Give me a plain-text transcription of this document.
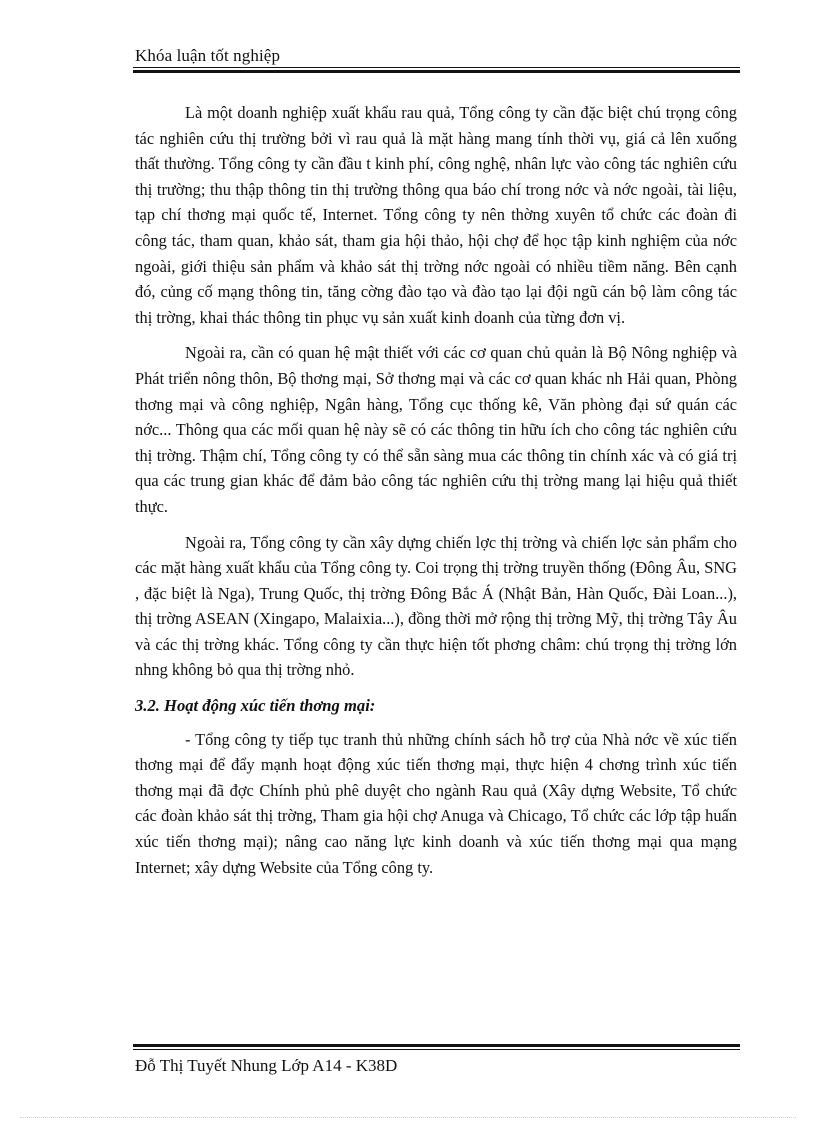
Khóa luận tốt nghiệp

Là một doanh nghiệp xuất khẩu rau quả, Tổng công ty cần đặc biệt chú trọng công tác nghiên cứu thị trường bởi vì rau quả là mặt hàng mang tính thời vụ, giá cả lên xuống thất thường. Tổng công ty cần đầu t kinh phí, công nghệ, nhân lực vào công tác nghiên cứu thị trường; thu thập thông tin thị trường thông qua báo chí trong nớc và nớc ngoài, tài liệu, tạp chí thơng mại quốc tế, Internet. Tổng công ty nên thờng xuyên tổ chức các đoàn đi công tác, tham quan, khảo sát, tham gia hội thảo, hội chợ để học tập kinh nghiệm của nớc ngoài, giới thiệu sản phẩm và khảo sát thị trờng nớc ngoài có nhiều tiềm năng. Bên cạnh đó, củng cố mạng thông tin, tăng cờng đào tạo và đào tạo lại đội ngũ cán bộ làm công tác thị trờng, khai thác thông tin phục vụ sản xuất kinh doanh của từng đơn vị.

Ngoài ra, cần có quan hệ mật thiết với các cơ quan chủ quản là Bộ Nông nghiệp và Phát triển nông thôn, Bộ thơng mại, Sở thơng mại và các cơ quan khác nh Hải quan, Phòng thơng mại và công nghiệp, Ngân hàng, Tổng cục thống kê, Văn phòng đại sứ quán các nớc... Thông qua các mối quan hệ này sẽ có các thông tin hữu ích cho công tác nghiên cứu thị trờng. Thậm chí, Tổng công ty có thể sẵn sàng mua các thông tin chính xác và có giá trị qua các trung gian khác để đảm bảo công tác nghiên cứu thị trờng mang lại hiệu quả thiết thực.

Ngoài ra, Tổng công ty cần xây dựng chiến lợc thị trờng và chiến lợc sản phẩm cho các mặt hàng xuất khẩu của Tổng công ty. Coi trọng thị trờng truyền thống (Đông Âu, SNG , đặc biệt là Nga), Trung Quốc, thị trờng Đông Bắc Á (Nhật Bản, Hàn Quốc, Đài Loan...), thị trờng ASEAN (Xingapo, Malaixia...), đồng thời mở rộng thị trờng Mỹ, thị trờng Tây Âu và các thị trờng khác. Tổng công ty cần thực hiện tốt phơng châm: chú trọng thị trờng lớn nhng không bỏ qua thị trờng nhỏ.

3.2. Hoạt động xúc tiến thơng mại:

- Tổng công ty tiếp tục tranh thủ những chính sách hỗ trợ của Nhà nớc về xúc tiến thơng mại để đẩy mạnh hoạt động xúc tiến thơng mại, thực hiện 4 chơng trình xúc tiến thơng mại đã đợc Chính phủ phê duyệt cho ngành Rau quả (Xây dựng Website, Tổ chức các đoàn khảo sát thị trờng, Tham gia hội chợ Anuga và Chicago, Tổ chức các lớp tập huấn xúc tiến thơng mại); nâng cao năng lực kinh doanh và xúc tiến thơng mại qua mạng Internet; xây dựng Website của Tổng công ty.

Đỗ Thị Tuyết Nhung Lớp A14 - K38D
